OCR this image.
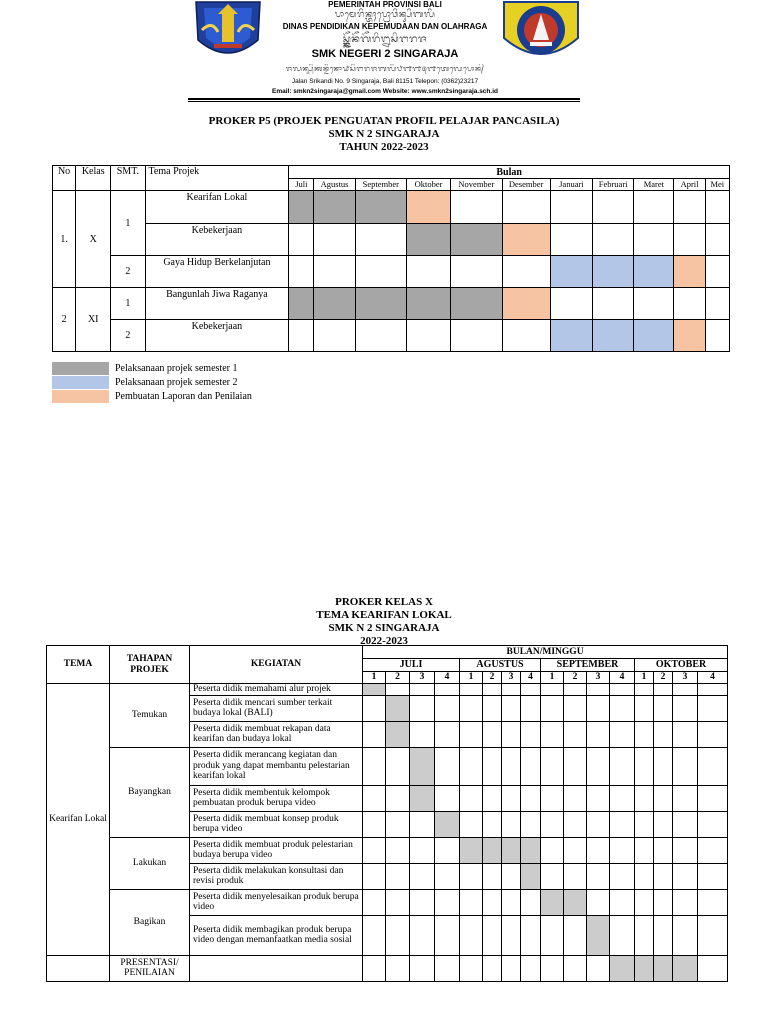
PEMERINTAH PROVINSI BALI
ᬧᬵᬫᬾᬭᬶᬦ᭄ᬢᬄᬧ᭄ᬭᭀᬯᬶᬦ᭄ᬲᬶᬩᬮᬶ
DINAS PENDIDIKAN KEPEMUDAAN DAN OLAHRAGA
ᬲ᭄ᬫ᭄ᬓᭂᬦᭂᬕᭂᬭᬶ᭒ᬲᬶᬗᬭᬚ
SMK NEGERI 2 SINGARAJA
ᬚᬮᬦ᭄ᬲ᭄ᬭᬶᬓᬦ᭄ᬤᬶᬦᭀ᭙ᬲᬶᬗᬭᬚᬩᬮᬶ᭘᭑᭑᭕᭑ᬢᬾᬮᬾᬧᭀᬦ᭄
Jalan Srikandi No. 9 Singaraja, Bali 81151 Telepon: (0362)23217
Email: smkn2singaraja@gmail.com Website: www.smkn2singaraja.sch.id
PROKER P5 (PROJEK PENGUATAN PROFIL PELAJAR PANCASILA)
SMK N 2 SINGARAJA
TAHUN 2022-2023
No	Kelas	SMT.	Tema Projek	Bulan										
				Juli	Agustus	September	Oktober	November	Desember	Januari	Februari	Maret	April	Mei
1.	X	1	Kearifan Lokal											
			Kebekerjaan											
		2	Gaya Hidup Berkelanjutan											
2	XI	1	Bangunlah Jiwa Raganya											
		2	Kebekerjaan											
Pelaksanaan projek semester 1
Pelaksanaan projek semester 2
Pembuatan Laporan dan Penilaian
PROKER KELAS X
TEMA KEARIFAN LOKAL
SMK N 2 SINGARAJA
2022-2023
TEMA	TAHAPAN PROJEK	KEGIATAN	BULAN/MINGGU															
			JULI				AGUSTUS				SEPTEMBER				OKTOBER			
			1	2	3	4	1	2	3	4	1	2	3	4	1	2	3	4
Kearifan Lokal	Temukan	Peserta didik memahami alur projek																
		Peserta didik mencari sumber terkait budaya lokal (BALI)																
		Peserta didik membuat rekapan data kearifan dan budaya lokal																
	Bayangkan	Peserta didik merancang kegiatan dan produk yang dapat membantu pelestarian kearifan lokal																
		Peserta didik membentuk kelompok pembuatan produk berupa video																
		Peserta didik membuat konsep produk berupa video																
	Lakukan	Peserta didik membuat produk pelestarian budaya berupa video																
		Peserta didik melakukan konsultasi dan revisi produk																
	Bagikan	Peserta didik menyelesaikan produk berupa video																
		Peserta didik membagikan produk berupa video dengan memanfaatkan media sosial																
	PRESENTASI/ PENILAIAN																	
